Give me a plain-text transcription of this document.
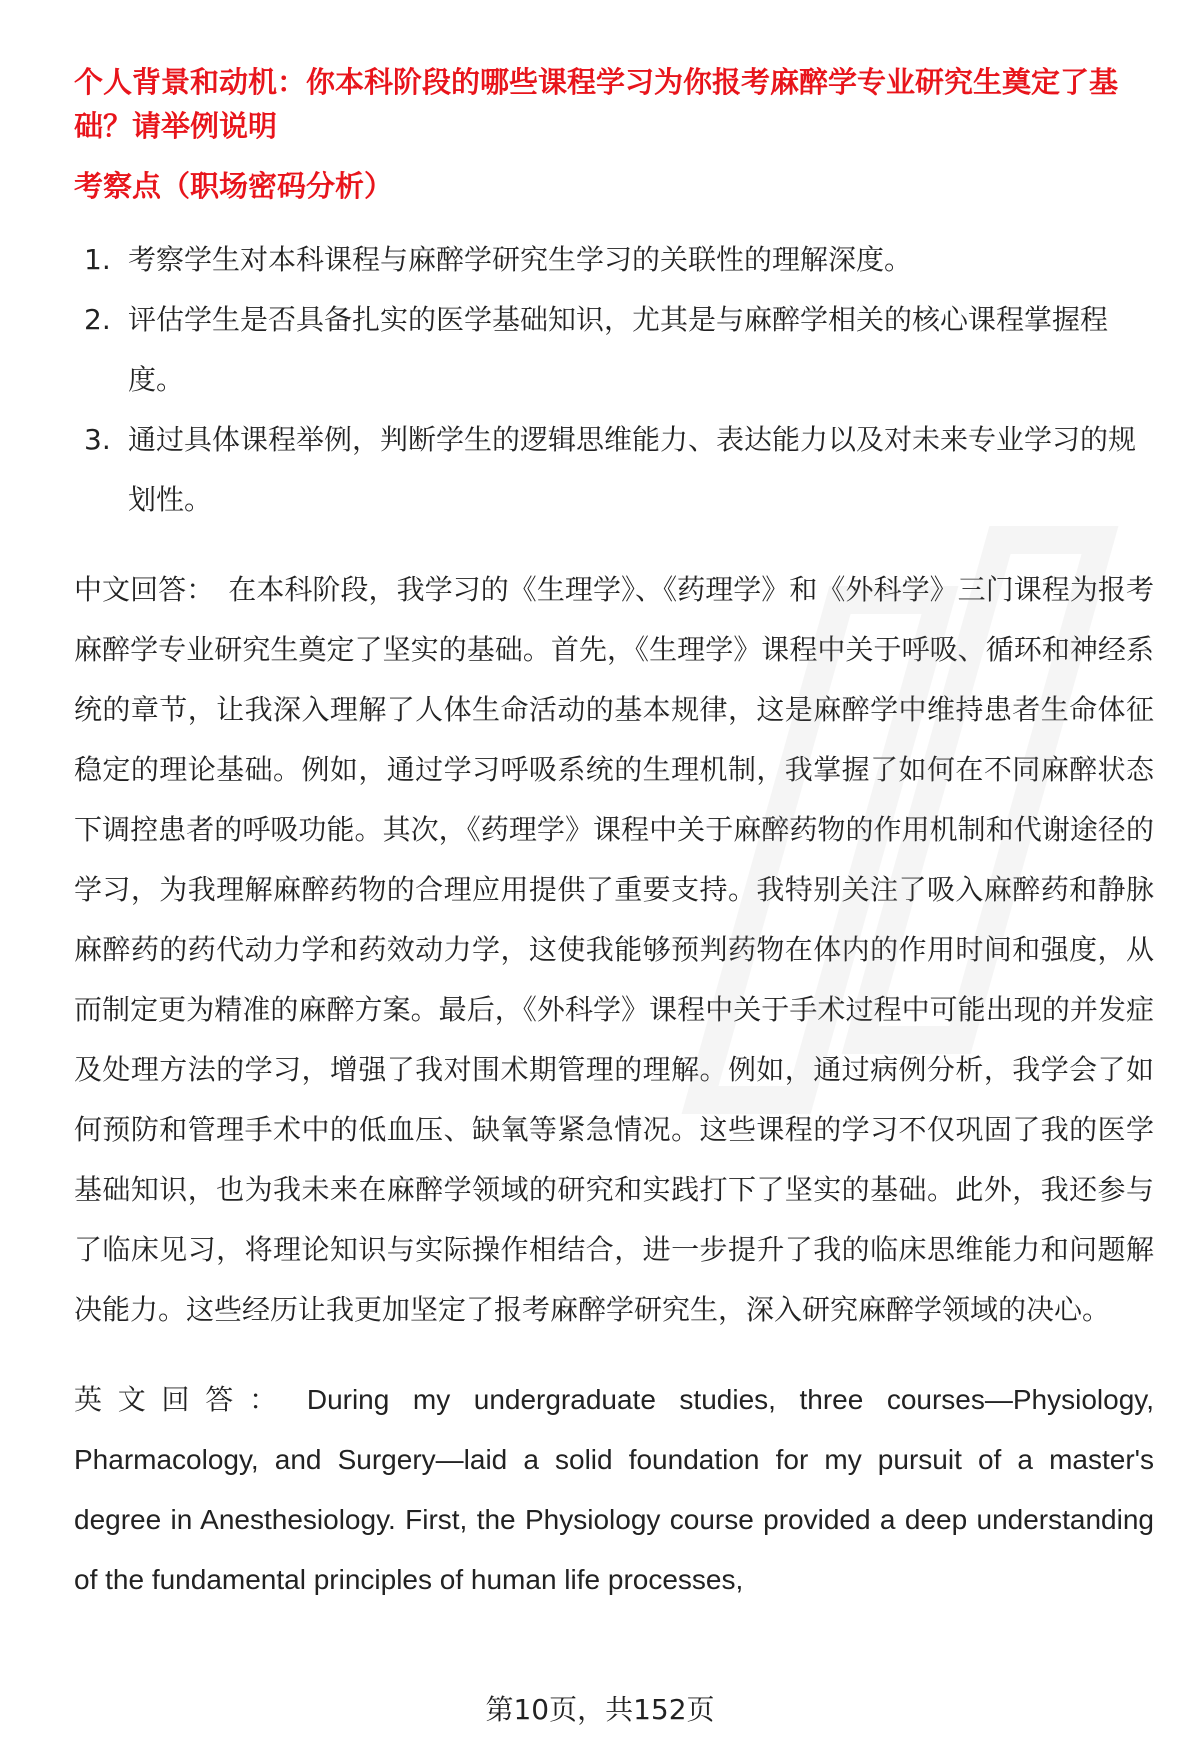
个人背景和动机：你本科阶段的哪些课程学习为你报考麻醉学专业研究生奠定了基础？请举例说明

考察点（职场密码分析）

1. 考察学生对本科课程与麻醉学研究生学习的关联性的理解深度。
2. 评估学生是否具备扎实的医学基础知识，尤其是与麻醉学相关的核心课程掌握程度。
3. 通过具体课程举例，判断学生的逻辑思维能力、表达能力以及对未来专业学习的规划性。

中文回答： 在本科阶段，我学习的《生理学》、《药理学》和《外科学》三门课程为报考麻醉学专业研究生奠定了坚实的基础。首先，《生理学》课程中关于呼吸、循环和神经系统的章节，让我深入理解了人体生命活动的基本规律，这是麻醉学中维持患者生命体征稳定的理论基础。例如，通过学习呼吸系统的生理机制，我掌握了如何在不同麻醉状态下调控患者的呼吸功能。其次，《药理学》课程中关于麻醉药物的作用机制和代谢途径的学习，为我理解麻醉药物的合理应用提供了重要支持。我特别关注了吸入麻醉药和静脉麻醉药的药代动力学和药效动力学，这使我能够预判药物在体内的作用时间和强度，从而制定更为精准的麻醉方案。最后，《外科学》课程中关于手术过程中可能出现的并发症及处理方法的学习，增强了我对围术期管理的理解。例如，通过病例分析，我学会了如何预防和管理手术中的低血压、缺氧等紧急情况。这些课程的学习不仅巩固了我的医学基础知识，也为我未来在麻醉学领域的研究和实践打下了坚实的基础。此外，我还参与了临床见习，将理论知识与实际操作相结合，进一步提升了我的临床思维能力和问题解决能力。这些经历让我更加坚定了报考麻醉学研究生，深入研究麻醉学领域的决心。

英文回答： During my undergraduate studies, three courses—Physiology, Pharmacology, and Surgery—laid a solid foundation for my pursuit of a master's degree in Anesthesiology. First, the Physiology course provided a deep understanding of the fundamental principles of human life processes,

第10页，共152页
